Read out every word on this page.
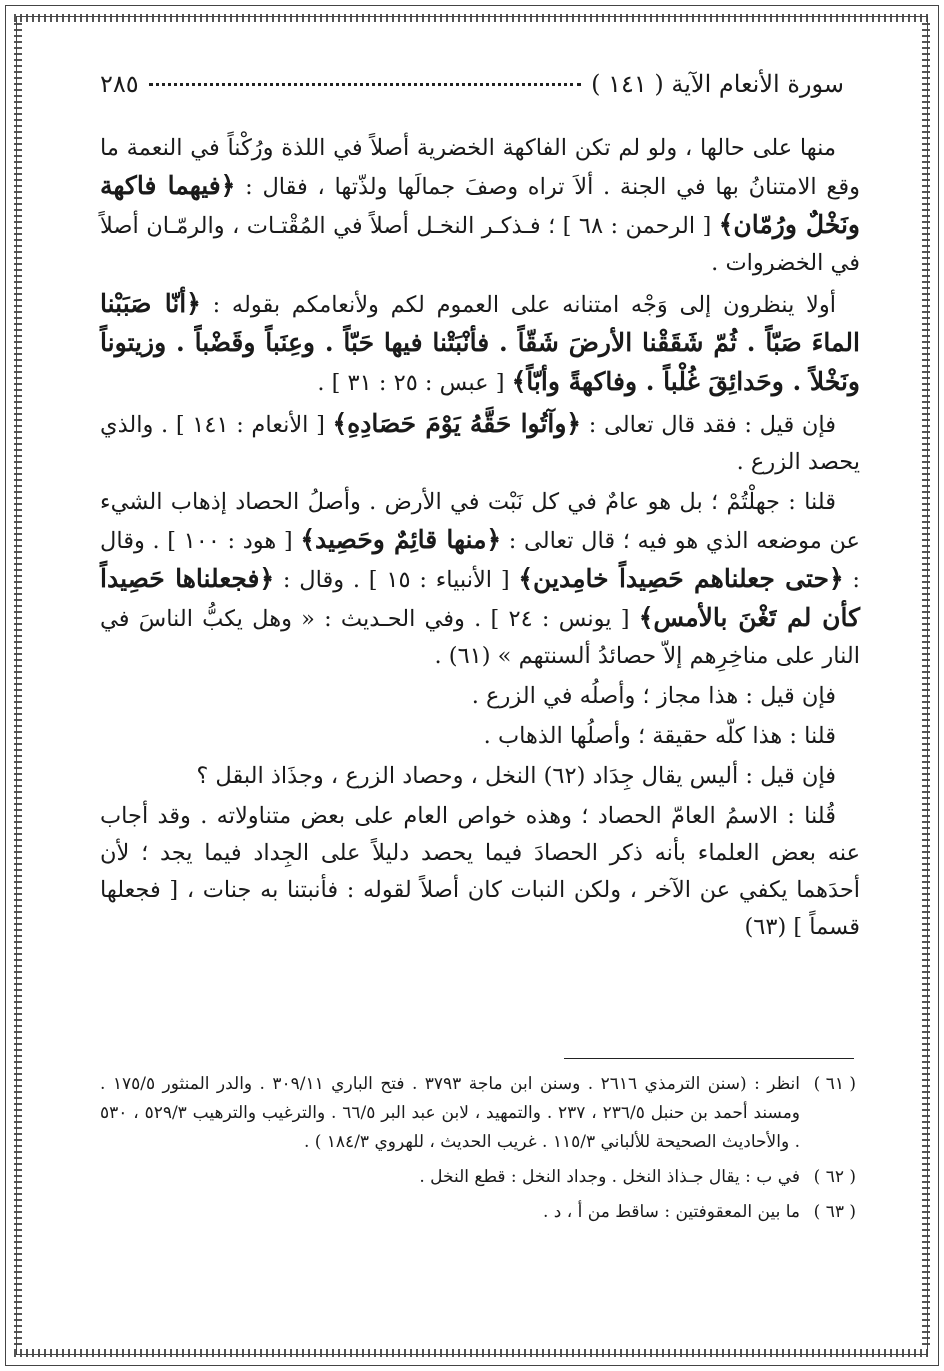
سورة الأنعام الآية ( ١٤١ )
٢٨٥

منها على حالها ، ولو لم تكن الفاكهة الخضرية أصلاً في اللذة ورُكْناً في النعمة ما وقع الامتنانُ بها في الجنة . ألاَ تراه وصفَ جمالَها ولذّتها ، فقال : ﴿فيهما فاكهة ونَخْلٌ ورُمّان﴾ [ الرحمن : ٦٨ ] ؛ فـذكـر النخـل أصلاً في المُقْتـات ، والرمّـان أصلاً في الخضروات .

أولا ينظرون إلى وَجْه امتنانه على العموم لكم ولأنعامكم بقوله : ﴿أنّا صَبَبْنا الماءَ صَبّاً . ثُمّ شَقَقْنا الأرضَ شَقّاً . فأنْبَتْنا فيها حَبّاً . وعِنَباً وقَضْباً . وزيتوناً ونَخْلاً . وحَدائِقَ غُلْباً . وفاكهةً وأبّاً﴾ [ عبس : ٢٥ : ٣١ ] .

فإن قيل : فقد قال تعالى : ﴿وآتُوا حَقَّهُ يَوْمَ حَصَادِهِ﴾ [ الأنعام : ١٤١ ] . والذي يحصد الزرع .

قلنا : جهلْتُمْ ؛ بل هو عامٌ في كل نَبْت في الأرض . وأصلُ الحصاد إذهاب الشيء عن موضعه الذي هو فيه ؛ قال تعالى : ﴿منها قائِمٌ وحَصِيد﴾ [ هود : ١٠٠ ] . وقال : ﴿حتى جعلناهم حَصِيداً خامِدين﴾ [ الأنبياء : ١٥ ] . وقال : ﴿فجعلناها حَصِيداً كأن لم تَغْنَ بالأمس﴾ [ يونس : ٢٤ ] . وفي الحـديث : « وهل يكبُّ الناسَ في النار على مناخِرِهم إلاّ حصائدُ ألسنتهم » (٦١) .

فإن قيل : هذا مجاز ؛ وأصلُه في الزرع .

قلنا : هذا كلّه حقيقة ؛ وأصلُها الذهاب .

فإن قيل : أليس يقال جِدَاد (٦٢) النخل ، وحصاد الزرع ، وجذَاذ البقل ؟

قُلنا : الاسمُ العامّ الحصاد ؛ وهذه خواص العام على بعض متناولاته . وقد أجاب عنه بعض العلماء بأنه ذكر الحصادَ فيما يحصد دليلاً على الجِداد فيما يجد ؛ لأن أحدَهما يكفي عن الآخر ، ولكن النبات كان أصلاً لقوله : فأنبتنا به جنات ، [ فجعلها قسماً ] (٦٣)

( ٦١ )
انظر : (سنن الترمذي ٢٦١٦ . وسنن ابن ماجة ٣٧٩٣ . فتح الباري ٣٠٩/١١ . والدر المنثور ١٧٥/٥ . ومسند أحمد بن حنبل ٢٣٦/٥ ، ٢٣٧ . والتمهيد ، لابن عبد البر ٦٦/٥ . والترغيب والترهيب ٥٢٩/٣ ، ٥٣٠ . والأحاديث الصحيحة للألباني ١١٥/٣ . غريب الحديث ، للهروي ١٨٤/٣ ) .
( ٦٢ )
في ب : يقال جـذاذ النخل . وجداد النخل : قطع النخل .
( ٦٣ )
ما بين المعقوفتين : ساقط من أ ، د .
